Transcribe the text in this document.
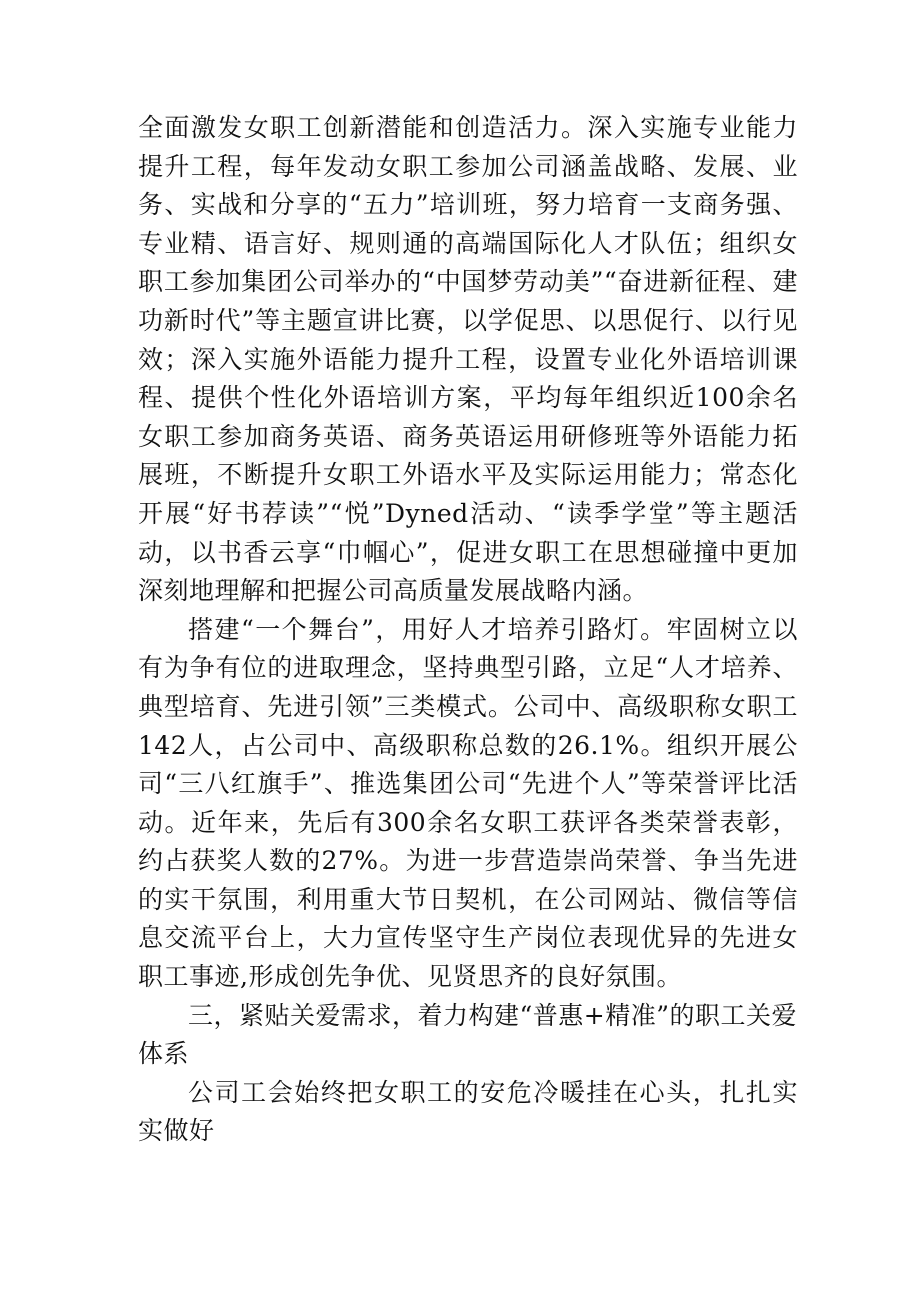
全面激发女职工创新潜能和创造活力。深入实施专业能力提升工程，每年发动女职工参加公司涵盖战略、发展、业务、实战和分享的“五力”培训班，努力培育一支商务强、专业精、语言好、规则通的高端国际化人才队伍；组织女职工参加集团公司举办的“中国梦劳动美”“奋进新征程、建功新时代”等主题宣讲比赛，以学促思、以思促行、以行见效；深入实施外语能力提升工程，设置专业化外语培训课程、提供个性化外语培训方案，平均每年组织近100余名女职工参加商务英语、商务英语运用研修班等外语能力拓展班，不断提升女职工外语水平及实际运用能力；常态化开展“好书荐读”“悦”Dyned活动、“读季学堂”等主题活动，以书香云享“巾帼心”，促进女职工在思想碰撞中更加深刻地理解和把握公司高质量发展战略内涵。

搭建“一个舞台”，用好人才培养引路灯。牢固树立以有为争有位的进取理念，坚持典型引路，立足“人才培养、典型培育、先进引领”三类模式。公司中、高级职称女职工142人，占公司中、高级职称总数的26.1%。组织开展公司“三八红旗手”、推选集团公司“先进个人”等荣誉评比活动。近年来，先后有300余名女职工获评各类荣誉表彰，约占获奖人数的27%。为进一步营造崇尚荣誉、争当先进的实干氛围，利用重大节日契机，在公司网站、微信等信息交流平台上，大力宣传坚守生产岗位表现优异的先进女职工事迹,形成创先争优、见贤思齐的良好氛围。

三，紧贴关爱需求，着力构建“普惠+精准”的职工关爱体系

公司工会始终把女职工的安危冷暖挂在心头，扎扎实实做好
